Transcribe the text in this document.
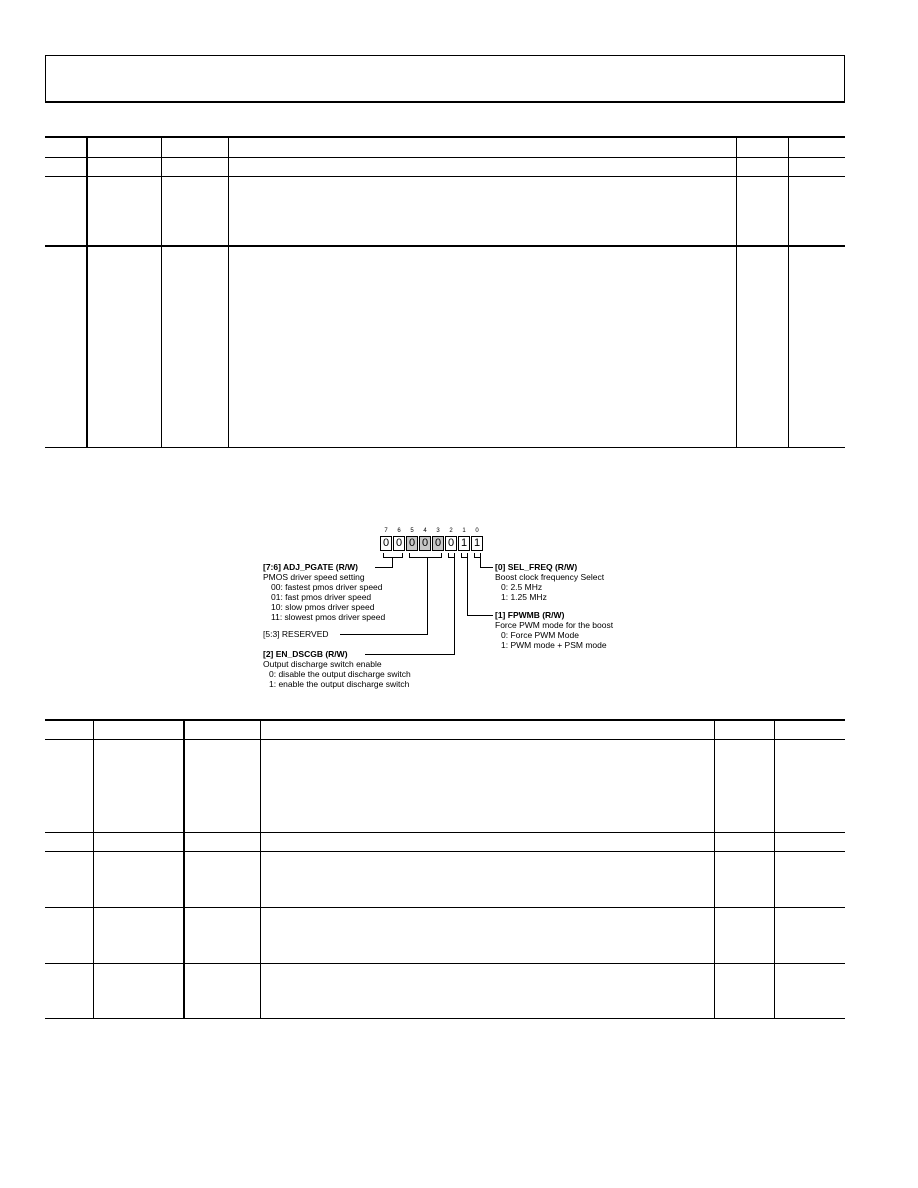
7	6	5	4	3	2	1	0
0 0 0 0 0 0 1 1
[7:6] ADJ_PGATE (R/W)
PMOS driver speed setting
00: fastest pmos driver speed
01: fast pmos driver speed
10: slow pmos driver speed
11: slowest pmos driver speed
[5:3] RESERVED
[2] EN_DSCGB (R/W)
Output discharge switch enable
0: disable the output discharge switch
1: enable the output discharge switch
[0] SEL_FREQ (R/W)
Boost clock frequency Select
0: 2.5 MHz
1: 1.25 MHz
[1] FPWMB (R/W)
Force PWM mode for the boost
0: Force PWM Mode
1: PWM mode + PSM mode
